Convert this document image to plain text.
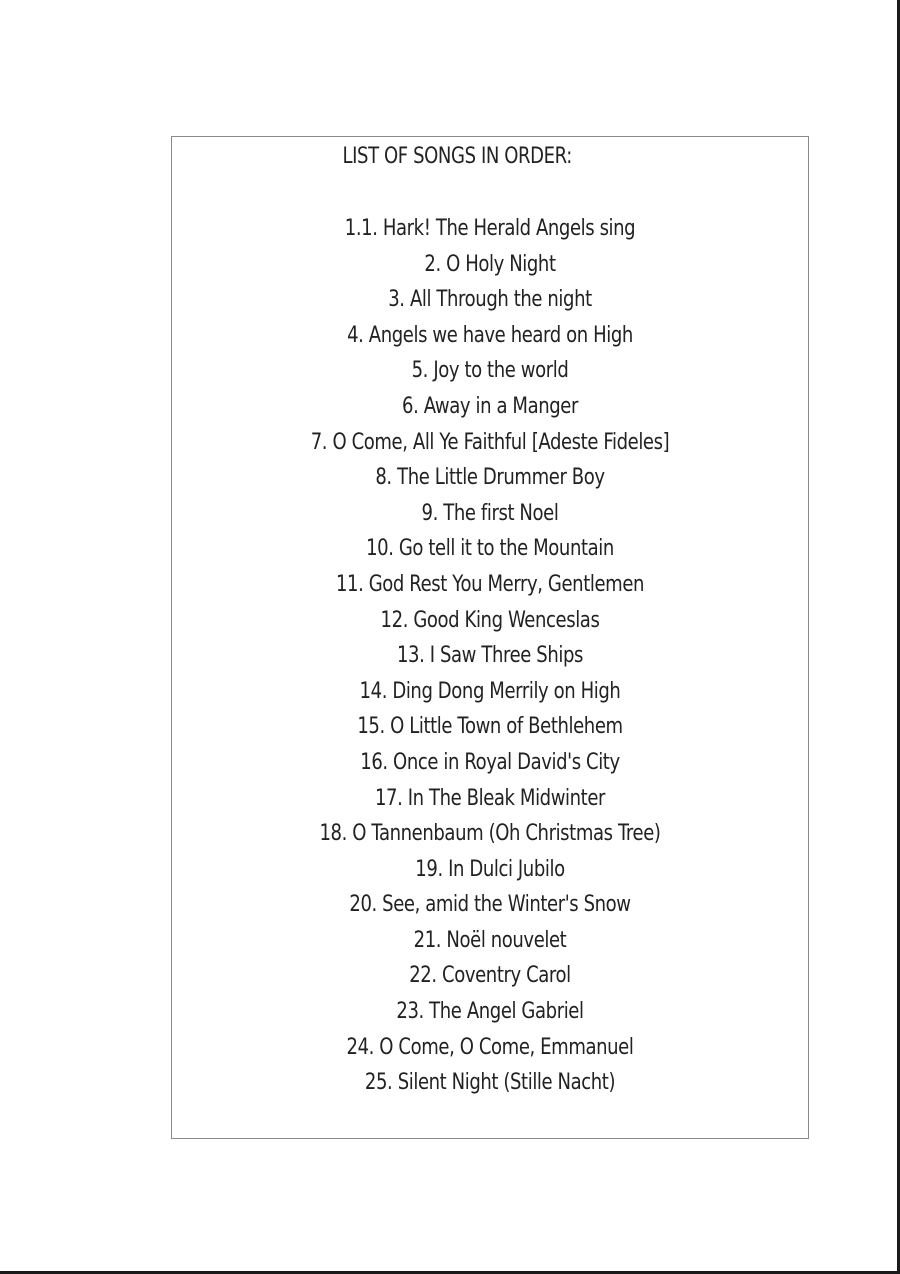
LIST OF SONGS IN ORDER:
1.1. Hark! The Herald Angels sing
2. O Holy Night
3. All Through the night
4. Angels we have heard on High
5. Joy to the world
6. Away in a Manger
7. O Come, All Ye Faithful [Adeste Fideles]
8. The Little Drummer Boy
9. The first Noel
10. Go tell it to the Mountain
11. God Rest You Merry, Gentlemen
12. Good King Wenceslas
13. I Saw Three Ships
14. Ding Dong Merrily on High
15. O Little Town of Bethlehem
16. Once in Royal David's City
17. In The Bleak Midwinter
18. O Tannenbaum (Oh Christmas Tree)
19. In Dulci Jubilo
20. See, amid the Winter's Snow
21. Noël nouvelet
22. Coventry Carol
23. The Angel Gabriel
24. O Come, O Come, Emmanuel
25. Silent Night (Stille Nacht)
